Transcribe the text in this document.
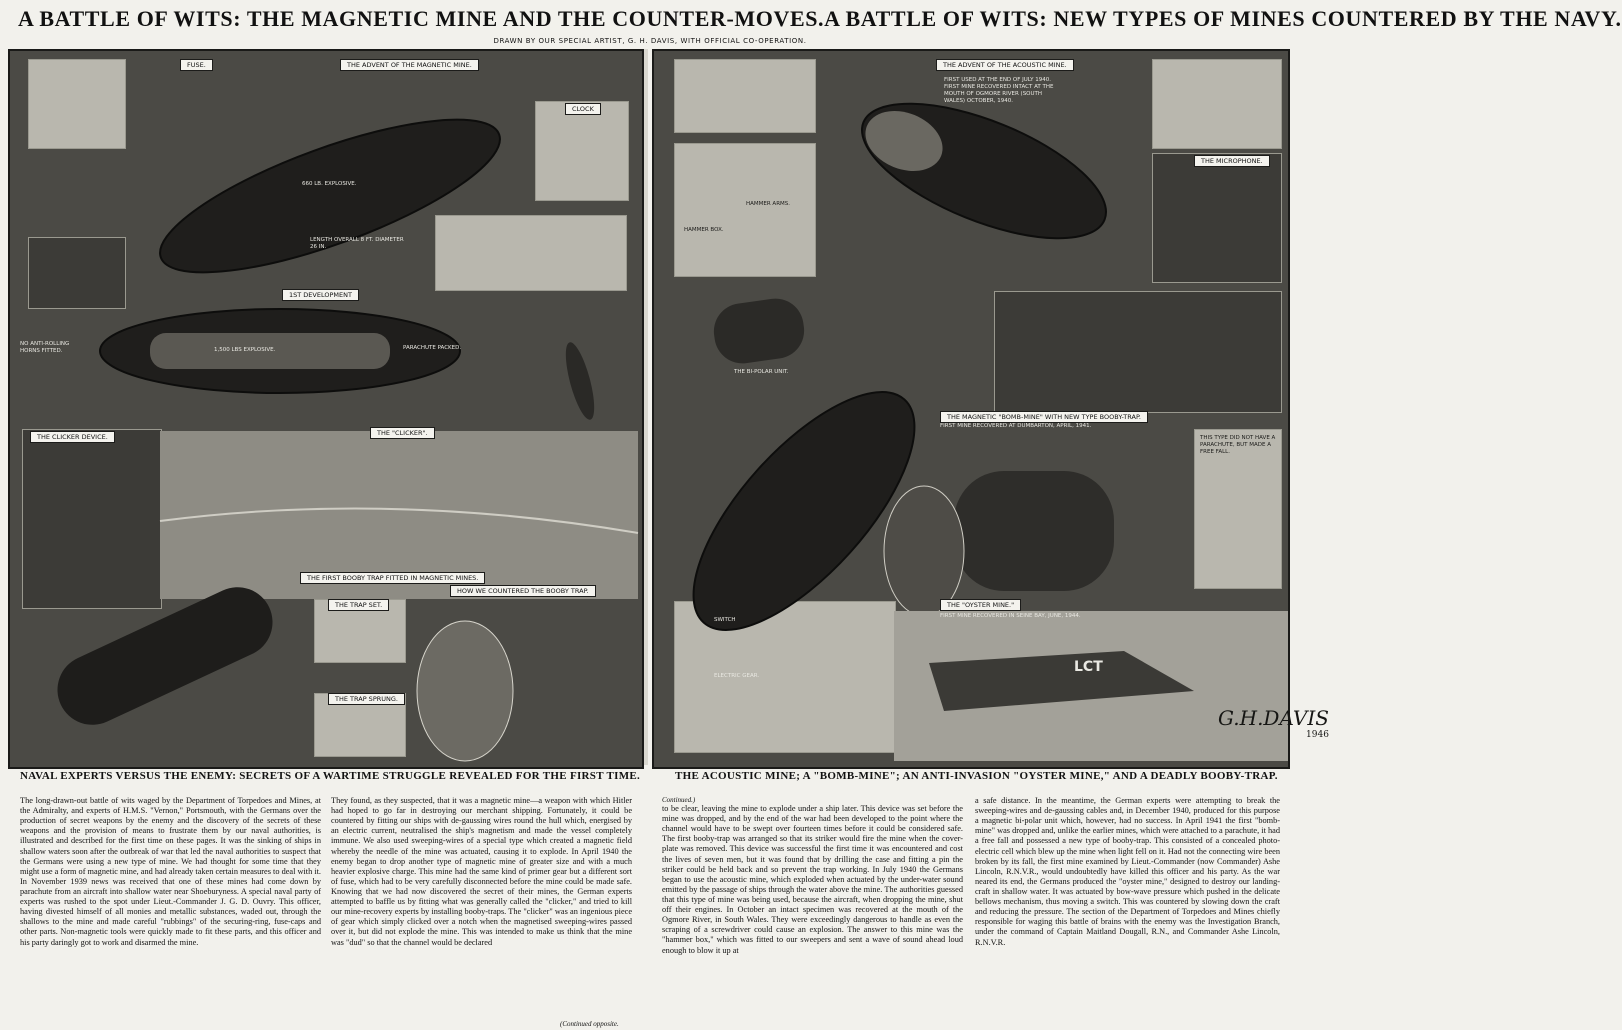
A BATTLE OF WITS: THE MAGNETIC MINE AND THE COUNTER-MOVES. A BATTLE OF WITS: NEW TYPES OF MINES COUNTERED BY THE NAVY.
DRAWN BY OUR SPECIAL ARTIST, G. H. DAVIS, WITH OFFICIAL CO-OPERATION.
FUSE.	THE ADVENT OF THE MAGNETIC MINE.
CLOCK
1ST DEVELOPMENT
THE "CLICKER".
THE CLICKER DEVICE.
THE FIRST BOOBY TRAP FITTED IN MAGNETIC MINES.
HOW WE COUNTERED THE BOOBY TRAP.
THE TRAP SET.
THE TRAP SPRUNG.
660 LB. EXPLOSIVE.
LENGTH OVERALL 8 FT. DIAMETER 26 IN.
1,500 LBS EXPLOSIVE.	PARACHUTE PACKED.
NO ANTI-ROLLING HORNS FITTED.
THE ADVENT OF THE ACOUSTIC MINE.
THE MICROPHONE.
THE MAGNETIC "BOMB-MINE" WITH NEW TYPE BOOBY-TRAP.
THE "OYSTER MINE."
FIRST USED AT THE END OF JULY 1940. FIRST MINE RECOVERED INTACT AT THE MOUTH OF OGMORE RIVER (SOUTH WALES) OCTOBER, 1940.
HAMMER BOX.
HAMMER ARMS.
THE BI-POLAR UNIT.
FIRST MINE RECOVERED AT DUMBARTON, APRIL, 1941.
FIRST MINE RECOVERED IN SEINE BAY, JUNE, 1944.
ELECTRIC GEAR.
SWITCH
THIS TYPE DID NOT HAVE A PARACHUTE, BUT MADE A FREE FALL.
LCT
G.H.DAVIS
1946
NAVAL EXPERTS VERSUS THE ENEMY: SECRETS OF A WARTIME STRUGGLE REVEALED FOR THE FIRST TIME.	THE ACOUSTIC MINE; A "BOMB-MINE"; AN ANTI-INVASION "OYSTER MINE," AND A DEADLY BOOBY-TRAP.
The long-drawn-out battle of wits waged by the Department of Torpedoes and Mines, at the Admiralty, and experts of H.M.S. "Vernon," Portsmouth, with the Germans over the production of secret weapons by the enemy and the discovery of the secrets of these weapons and the provision of means to frustrate them by our naval authorities, is illustrated and described for the first time on these pages. It was the sinking of ships in shallow waters soon after the outbreak of war that led the naval authorities to suspect that the Germans were using a new type of mine. We had thought for some time that they might use a form of magnetic mine, and had already taken certain measures to deal with it. In November 1939 news was received that one of these mines had come down by parachute from an aircraft into shallow water near Shoeburyness. A special naval party of experts was rushed to the spot under Lieut.-Commander J. G. D. Ouvry. This officer, having divested himself of all monies and metallic substances, waded out, through the shallows to the mine and made careful "rubbings" of the securing-ring, fuse-caps and other parts. Non-magnetic tools were quickly made to fit these parts, and this officer and his party daringly got to work and disarmed the mine.
They found, as they suspected, that it was a magnetic mine—a weapon with which Hitler had hoped to go far in destroying our merchant shipping. Fortunately, it could be countered by fitting our ships with de-gaussing wires round the hull which, energised by an electric current, neutralised the ship's magnetism and made the vessel completely immune. We also used sweeping-wires of a special type which created a magnetic field whereby the needle of the mine was actuated, causing it to explode. In April 1940 the enemy began to drop another type of magnetic mine of greater size and with a much heavier explosive charge. This mine had the same kind of primer gear but a different sort of fuse, which had to be very carefully disconnected before the mine could be made safe. Knowing that we had now discovered the secret of their mines, the German experts attempted to baffle us by fitting what was generally called the "clicker," and tried to kill our mine-recovery experts by installing booby-traps. The "clicker" was an ingenious piece of gear which simply clicked over a notch when the magnetised sweeping-wires passed over it, but did not explode the mine. This was intended to make us think that the mine was "dud" so that the channel would be declared
to be clear, leaving the mine to explode under a ship later. This device was set before the mine was dropped, and by the end of the war had been developed to the point where the channel would have to be swept over fourteen times before it could be considered safe. The first booby-trap was arranged so that its striker would fire the mine when the cover-plate was removed. This device was successful the first time it was encountered and cost the lives of seven men, but it was found that by drilling the case and fitting a pin the striker could be held back and so prevent the trap working. In July 1940 the Germans began to use the acoustic mine, which exploded when actuated by the under-water sound emitted by the passage of ships through the water above the mine. The authorities guessed that this type of mine was being used, because the aircraft, when dropping the mine, shut off their engines. In October an intact specimen was recovered at the mouth of the Ogmore River, in South Wales. They were exceedingly dangerous to handle as even the scraping of a screwdriver could cause an explosion. The answer to this mine was the "hammer box," which was fitted to our sweepers and sent a wave of sound ahead loud enough to blow it up at
a safe distance. In the meantime, the German experts were attempting to break the sweeping-wires and de-gaussing cables and, in December 1940, produced for this purpose a magnetic bi-polar unit which, however, had no success. In April 1941 the first "bomb-mine" was dropped and, unlike the earlier mines, which were attached to a parachute, it had a free fall and possessed a new type of booby-trap. This consisted of a concealed photo-electric cell which blew up the mine when light fell on it. Had not the connecting wire been broken by its fall, the first mine examined by Lieut.-Commander (now Commander) Ashe Lincoln, R.N.V.R., would undoubtedly have killed this officer and his party. As the war neared its end, the Germans produced the "oyster mine," designed to destroy our landing-craft in shallow water. It was actuated by bow-wave pressure which pushed in the delicate bellows mechanism, thus moving a switch. This was countered by slowing down the craft and reducing the pressure. The section of the Department of Torpedoes and Mines chiefly responsible for waging this battle of brains with the enemy was the Investigation Branch, under the command of Captain Maitland Dougall, R.N., and Commander Ashe Lincoln, R.N.V.R.
(Continued opposite.
Continued.)
